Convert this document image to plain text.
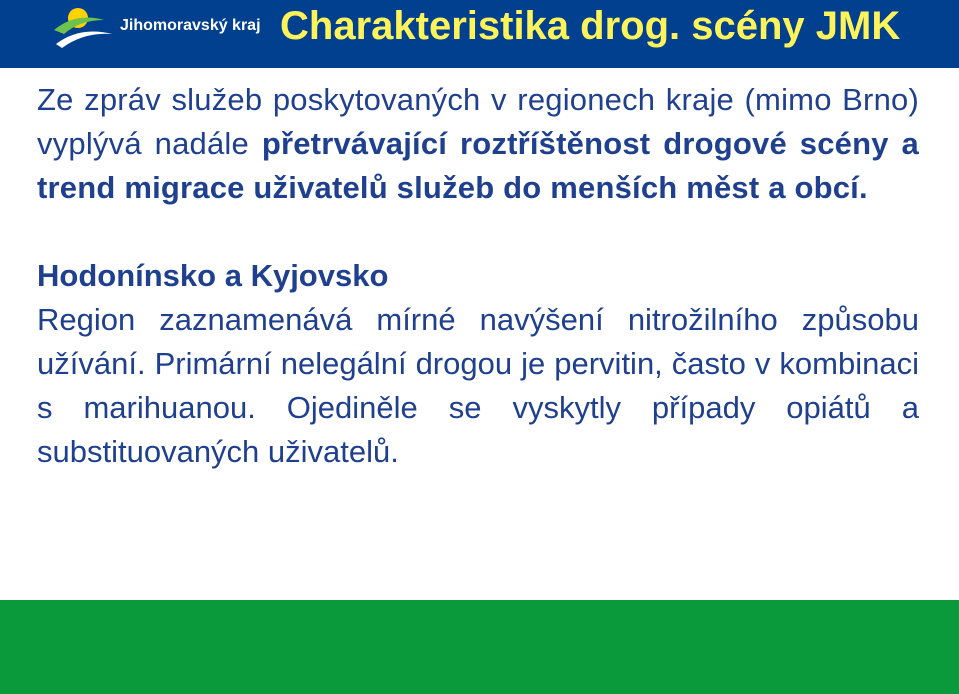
Jihomoravský kraj Charakteristika drog. scény JMK

Ze zpráv služeb poskytovaných v regionech kraje (mimo Brno) vyplývá nadále přetrvávající roztříštěnost drogové scény a trend migrace uživatelů služeb do menších měst a obcí.

Hodonínsko a Kyjovsko

Region zaznamenává mírné navýšení nitrožilního způsobu užívání. Primární nelegální drogou je pervitin, často v kombinaci s marihuanou. Ojediněle se vyskytly případy opiátů a substituovaných uživatelů.
